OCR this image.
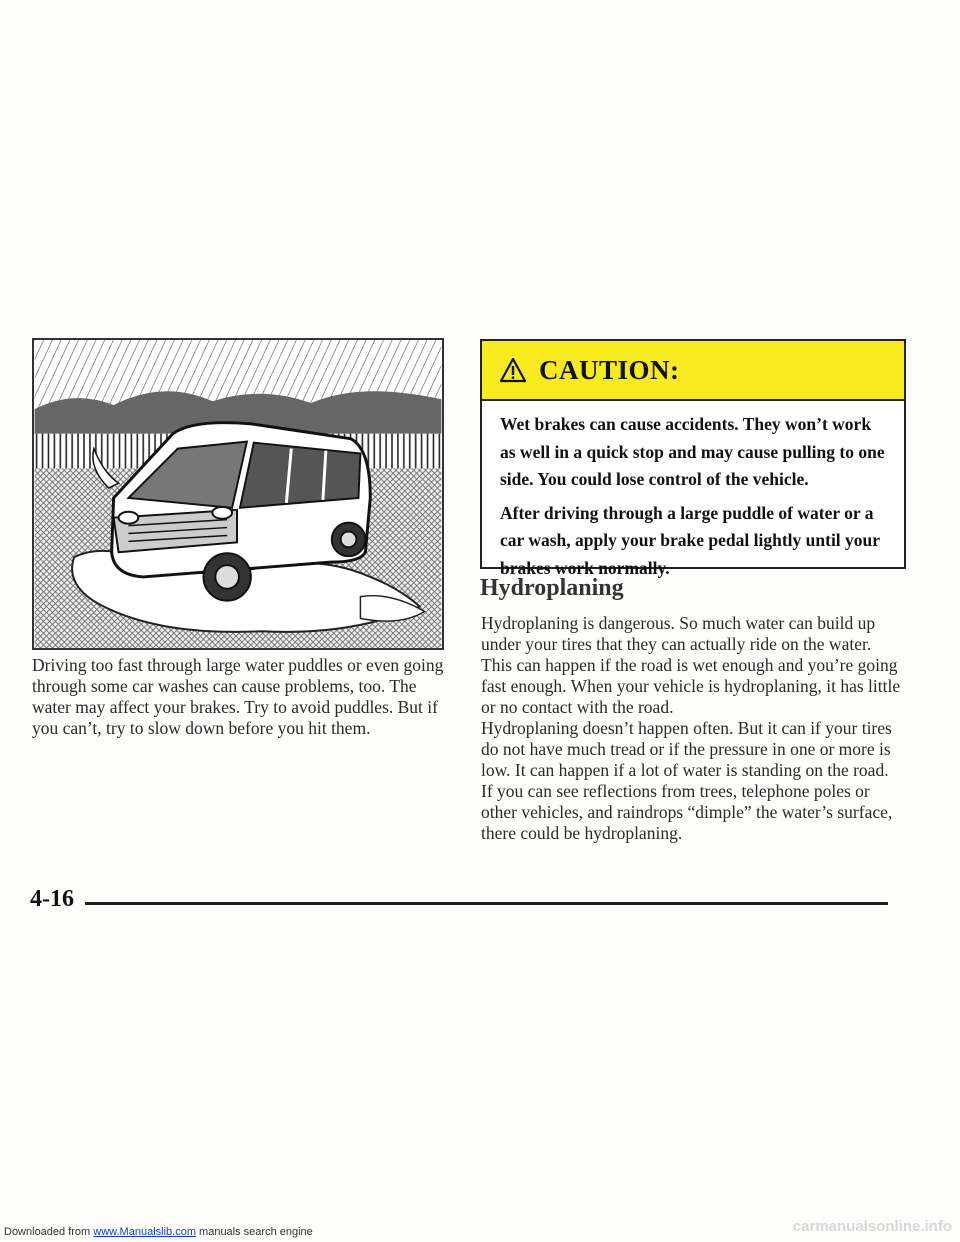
Driving too fast through large water puddles or even going through some car washes can cause problems, too. The water may affect your brakes. Try to avoid puddles. But if you can’t, try to slow down before you hit them.

CAUTION:

Wet brakes can cause accidents. They won’t work as well in a quick stop and may cause pulling to one side. You could lose control of the vehicle.

After driving through a large puddle of water or a car wash, apply your brake pedal lightly until your brakes work normally.

Hydroplaning

Hydroplaning is dangerous. So much water can build up under your tires that they can actually ride on the water. This can happen if the road is wet enough and you’re going fast enough. When your vehicle is hydroplaning, it has little or no contact with the road.

Hydroplaning doesn’t happen often. But it can if your tires do not have much tread or if the pressure in one or more is low. It can happen if a lot of water is standing on the road. If you can see reflections from trees, telephone poles or other vehicles, and raindrops “dimple” the water’s surface, there could be hydroplaning.

4-16
Downloaded from www.Manualslib.com manuals search engine	carmanualsonline.info
